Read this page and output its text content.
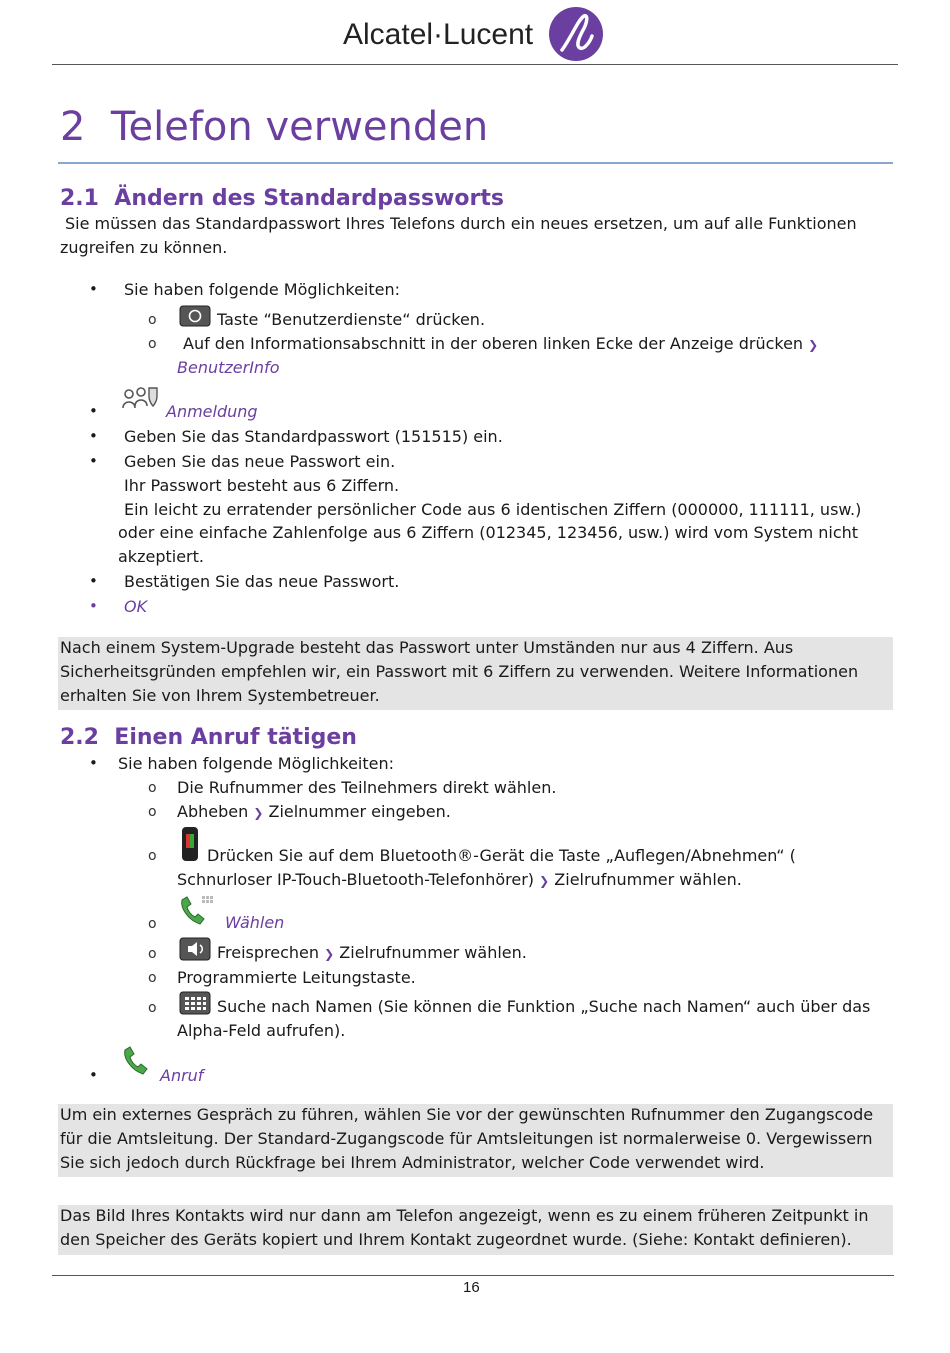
Alcatel·Lucent
2  Telefon verwenden
2.1  Ändern des Standardpassworts
Sie müssen das Standardpasswort Ihres Telefons durch ein neues ersetzen, um auf alle Funktionen
zugreifen zu können.
• Sie haben folgende Möglichkeiten:
o	Taste “Benutzerdienste“ drücken.
o Auf den Informationsabschnitt in der oberen linken Ecke der Anzeige drücken ❯
BenutzerInfo
•	Anmeldung
• Geben Sie das Standardpasswort (151515) ein.
• Geben Sie das neue Passwort ein.
Ihr Passwort besteht aus 6 Ziffern.
Ein leicht zu erratender persönlicher Code aus 6 identischen Ziffern (000000, 111111, usw.)
oder eine einfache Zahlenfolge aus 6 Ziffern (012345, 123456, usw.) wird vom System nicht
akzeptiert.
• Bestätigen Sie das neue Passwort.
• OK
Nach einem System-Upgrade besteht das Passwort unter Umständen nur aus 4 Ziffern. Aus
Sicherheitsgründen empfehlen wir, ein Passwort mit 6 Ziffern zu verwenden. Weitere Informationen
erhalten Sie von Ihrem Systembetreuer.
2.2  Einen Anruf tätigen
• Sie haben folgende Möglichkeiten:
o Die Rufnummer des Teilnehmers direkt wählen.
o Abheben ❯ Zielnummer eingeben.
o	Drücken Sie auf dem Bluetooth®-Gerät die Taste „Auflegen/Abnehmen“ (
Schnurloser IP-Touch-Bluetooth-Telefonhörer) ❯ Zielrufnummer wählen.
o	Wählen
o	Freisprechen ❯ Zielrufnummer wählen.
o Programmierte Leitungstaste.
o	Suche nach Namen (Sie können die Funktion „Suche nach Namen“ auch über das
Alpha-Feld aufrufen).
•	Anruf
Um ein externes Gespräch zu führen, wählen Sie vor der gewünschten Rufnummer den Zugangscode
für die Amtsleitung. Der Standard-Zugangscode für Amtsleitungen ist normalerweise 0. Vergewissern
Sie sich jedoch durch Rückfrage bei Ihrem Administrator, welcher Code verwendet wird.
Das Bild Ihres Kontakts wird nur dann am Telefon angezeigt, wenn es zu einem früheren Zeitpunkt in
den Speicher des Geräts kopiert und Ihrem Kontakt zugeordnet wurde. (Siehe: Kontakt definieren).
16
